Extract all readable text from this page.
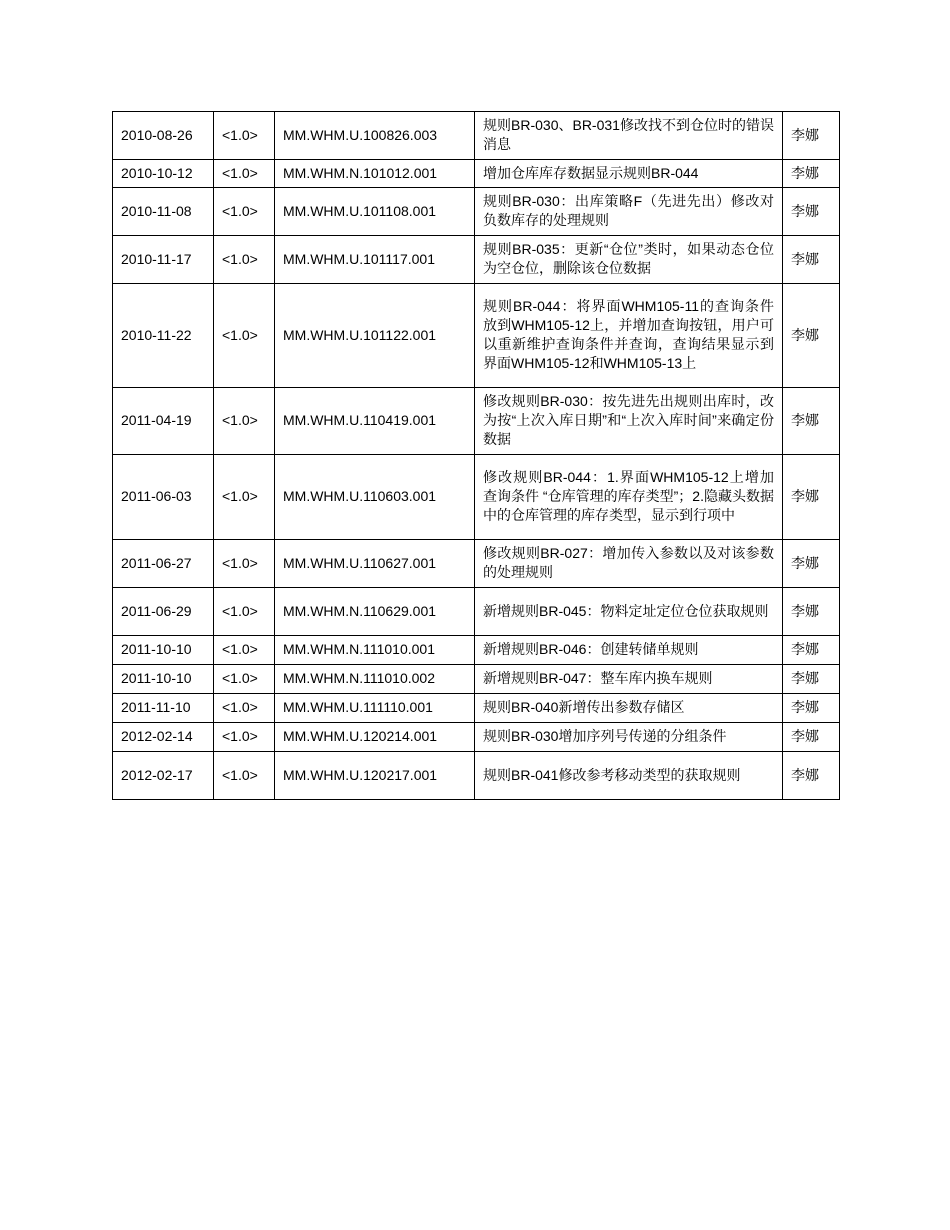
2010-08-26	<1.0>	MM.WHM.U.100826.003	规则BR-030、BR-031修改找不到仓位时的错误消息	李娜
2010-10-12	<1.0>	MM.WHM.N.101012.001	增加仓库库存数据显示规则BR-044	李娜
2010-11-08	<1.0>	MM.WHM.U.101108.001	规则BR-030：出库策略F（先进先出）修改对负数库存的处理规则	李娜
2010-11-17	<1.0>	MM.WHM.U.101117.001	规则BR-035：更新“仓位”类时，如果动态仓位为空仓位，删除该仓位数据	李娜
2010-11-22	<1.0>	MM.WHM.U.101122.001	规则BR-044：将界面WHM105-11的查询条件放到WHM105-12上，并增加查询按钮，用户可以重新维护查询条件并查询，查询结果显示到界面WHM105-12和WHM105-13上	李娜
2011-04-19	<1.0>	MM.WHM.U.110419.001	修改规则BR-030：按先进先出规则出库时，改为按“上次入库日期”和“上次入库时间”来确定份数据	李娜
2011-06-03	<1.0>	MM.WHM.U.110603.001	修改规则BR-044：1.界面WHM105-12上增加查询条件 “仓库管理的库存类型”；2.隐藏头数据中的仓库管理的库存类型，显示到行项中	李娜
2011-06-27	<1.0>	MM.WHM.U.110627.001	修改规则BR-027：增加传入参数以及对该参数的处理规则	李娜
2011-06-29	<1.0>	MM.WHM.N.110629.001	新增规则BR-045：物料定址定位仓位获取规则	李娜
2011-10-10	<1.0>	MM.WHM.N.111010.001	新增规则BR-046：创建转储单规则	李娜
2011-10-10	<1.0>	MM.WHM.N.111010.002	新增规则BR-047：整车库内换车规则	李娜
2011-11-10	<1.0>	MM.WHM.U.111110.001	规则BR-040新增传出参数存储区	李娜
2012-02-14	<1.0>	MM.WHM.U.120214.001	规则BR-030增加序列号传递的分组条件	李娜
2012-02-17	<1.0>	MM.WHM.U.120217.001	规则BR-041修改参考移动类型的获取规则	李娜
